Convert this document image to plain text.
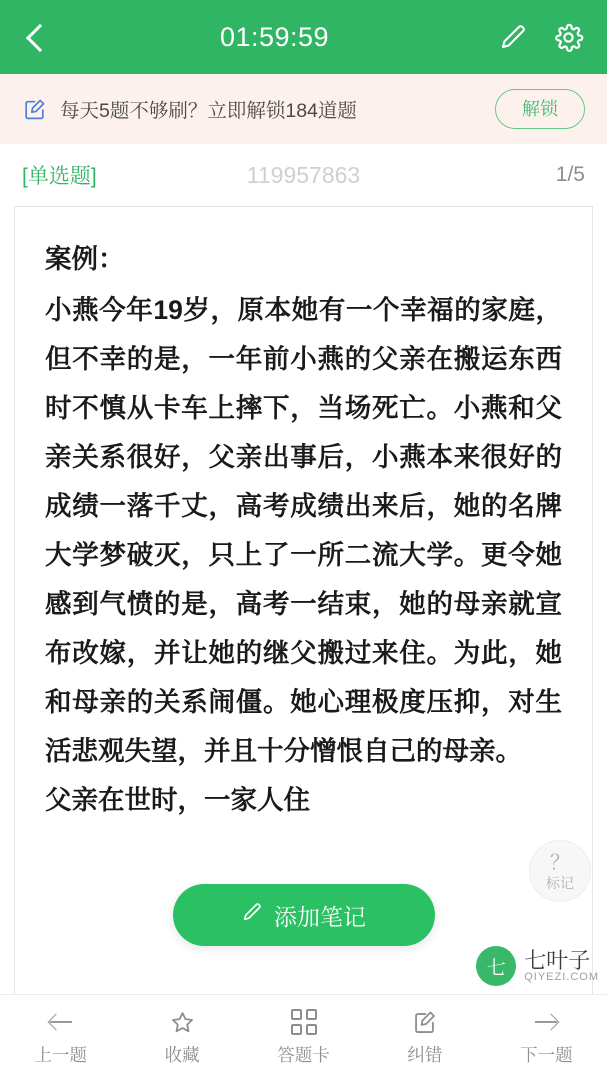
01:59:59
每天5题不够刷？立即解锁184道题	解锁
[单选题]	119957863	1/5
案例：
小燕今年19岁，原本她有一个幸福的家庭，但不幸的是，一年前小燕的父亲在搬运东西时不慎从卡车上摔下，当场死亡。小燕和父亲关系很好，父亲出事后，小燕本来很好的成绩一落千丈，高考成绩出来后，她的名牌大学梦破灭，只上了一所二流大学。更令她感到气愤的是，高考一结束，她的母亲就宣布改嫁，并让她的继父搬过来住。为此，她和母亲的关系闹僵。她心理极度压抑，对生活悲观失望，并且十分憎恨自己的母亲。
父亲在世时，一家人住
？
标记
添加笔记
七 七叶子
QIYEZI.COM
上一题	收藏	答题卡	纠错	下一题
